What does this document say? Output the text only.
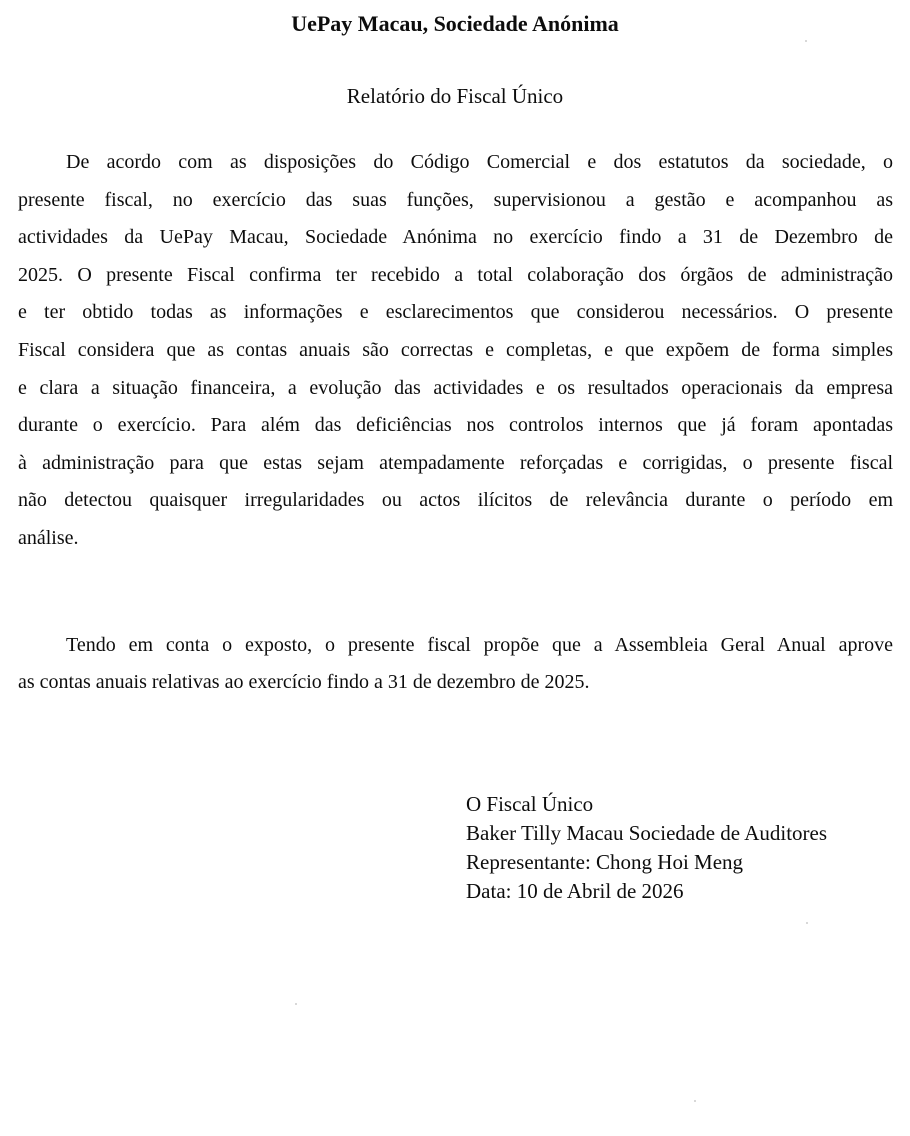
UePay Macau, Sociedade Anónima
Relatório do Fiscal Único
De acordo com as disposições do Código Comercial e dos estatutos da sociedade, o
presente fiscal, no exercício das suas funções, supervisionou a gestão e acompanhou as
actividades da UePay Macau, Sociedade Anónima no exercício findo a 31 de Dezembro de
2025. O presente Fiscal confirma ter recebido a total colaboração dos órgãos de administração
e ter obtido todas as informações e esclarecimentos que considerou necessários. O presente
Fiscal considera que as contas anuais são correctas e completas, e que expõem de forma simples
e clara a situação financeira, a evolução das actividades e os resultados operacionais da empresa
durante o exercício. Para além das deficiências nos controlos internos que já foram apontadas
à administração para que estas sejam atempadamente reforçadas e corrigidas, o presente fiscal
não detectou quaisquer irregularidades ou actos ilícitos de relevância durante o período em
análise.
Tendo em conta o exposto, o presente fiscal propõe que a Assembleia Geral Anual aprove
as contas anuais relativas ao exercício findo a 31 de dezembro de 2025.
O Fiscal Único
Baker Tilly Macau Sociedade de Auditores
Representante: Chong Hoi Meng
Data: 10 de Abril de 2026
